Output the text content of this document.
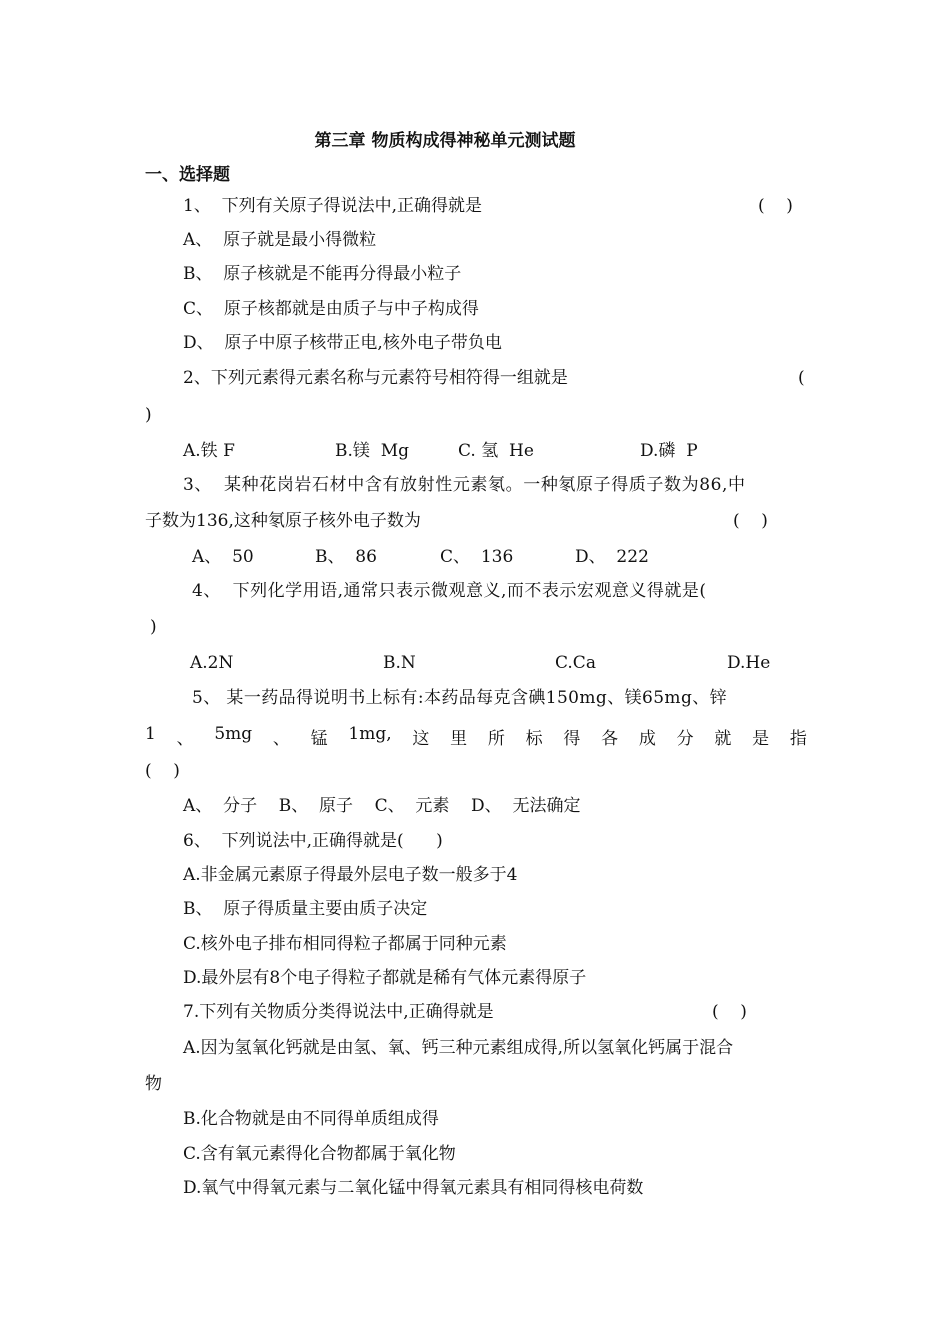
第三章 物质构成得神秘单元测试题
一、选择题
1、  下列有关原子得说法中,正确得就是	(    )
A、  原子就是最小得微粒
B、  原子核就是不能再分得最小粒子
C、  原子核都就是由质子与中子构成得
D、  原子中原子核带正电,核外电子带负电
2、下列元素得元素名称与元素符号相符得一组就是	(
)
A.铁 F	B.镁  Mg	C. 氢  He	D.磷  P
3、  某种花岗岩石材中含有放射性元素氡。一种氡原子得质子数为86,中
子数为136,这种氡原子核外电子数为	(    )
A、  50	B、  86	C、  136	D、  222
4、  下列化学用语,通常只表示微观意义,而不表示宏观意义得就是(
)
A.2N	B.N	C.Ca	D.He
5、 某一药品得说明书上标有:本药品每克含碘150mg、镁65mg、锌
1 、 5mg 、 锰 1mg, 这 里 所 标 得 各 成 分 就 是 指
(    )
A、  分子    B、  原子    C、  元素    D、  无法确定
6、  下列说法中,正确得就是(      )
A.非金属元素原子得最外层电子数一般多于4
B、  原子得质量主要由质子决定
C.核外电子排布相同得粒子都属于同种元素
D.最外层有8个电子得粒子都就是稀有气体元素得原子
7.下列有关物质分类得说法中,正确得就是	(    )
A.因为氢氧化钙就是由氢、氧、钙三种元素组成得,所以氢氧化钙属于混合
物
B.化合物就是由不同得单质组成得
C.含有氧元素得化合物都属于氧化物
D.氧气中得氧元素与二氧化锰中得氧元素具有相同得核电荷数
